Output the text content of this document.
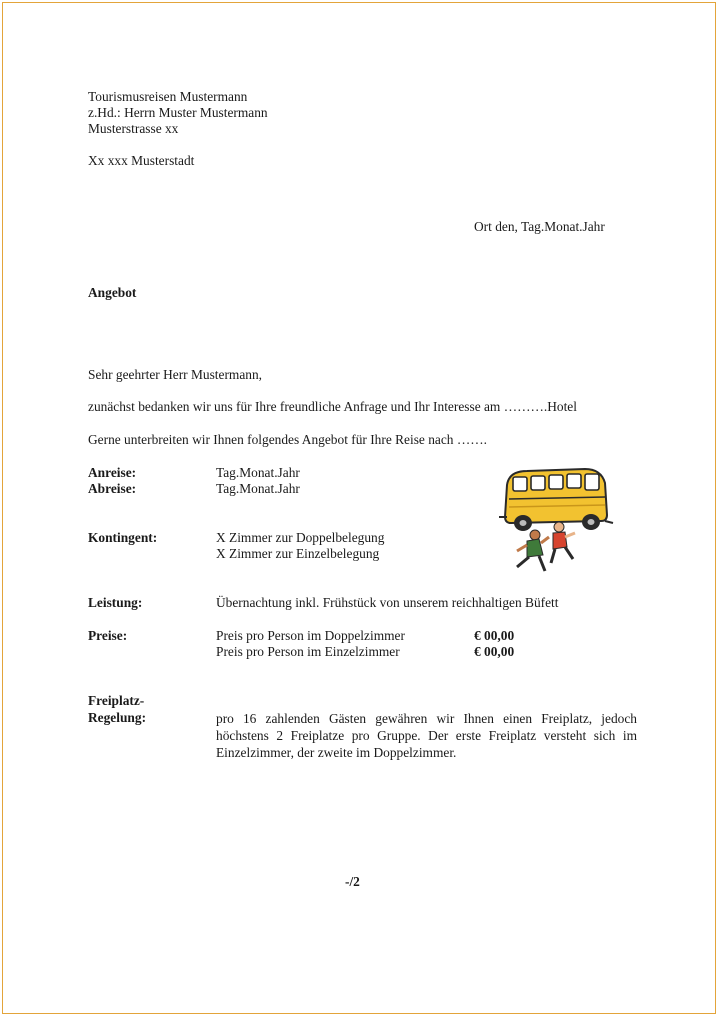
Tourismusreisen Mustermann
z.Hd.: Herrn Muster Mustermann
Musterstrasse xx
Xx xxx Musterstadt
Ort den, Tag.Monat.Jahr
Angebot
Sehr geehrter Herr Mustermann,
zunächst bedanken wir uns für Ihre freundliche Anfrage und Ihr Interesse am ……….Hotel
Gerne unterbreiten wir Ihnen folgendes Angebot für Ihre Reise nach …….
Anreise:	Tag.Monat.Jahr
Abreise:	Tag.Monat.Jahr
Kontingent:	X Zimmer zur Doppelbelegung
X Zimmer zur Einzelbelegung
Leistung:	Übernachtung inkl. Frühstück von unserem reichhaltigen Büfett
Preise:	Preis pro Person im Doppelzimmer	€ 00,00
Preis pro Person im Einzelzimmer	€ 00,00
Freiplatz-
Regelung:	pro 16 zahlenden Gästen gewähren wir Ihnen einen Freiplatz, jedoch höchstens 2 Freiplatze pro Gruppe. Der erste Freiplatz versteht sich im Einzelzimmer, der zweite im Doppelzimmer.
-/2
